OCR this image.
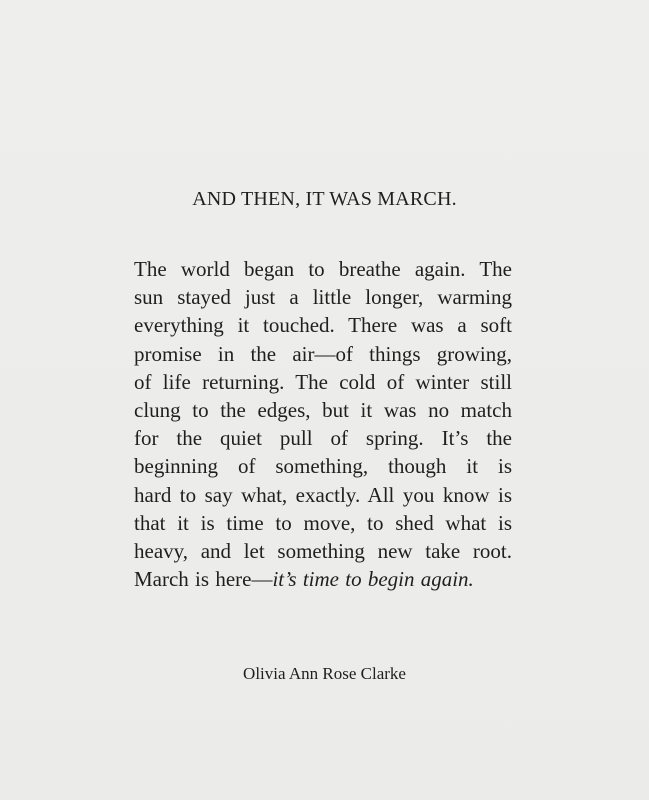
AND THEN, IT WAS MARCH.
The world began to breathe again. The
sun stayed just a little longer, warming
everything it touched. There was a soft
promise in the air—of things growing,
of life returning. The cold of winter still
clung to the edges, but it was no match
for the quiet pull of spring. It’s the
beginning of something, though it is
hard to say what, exactly. All you know is
that it is time to move, to shed what is
heavy, and let something new take root.
March is here—it’s time to begin again.
Olivia Ann Rose Clarke
